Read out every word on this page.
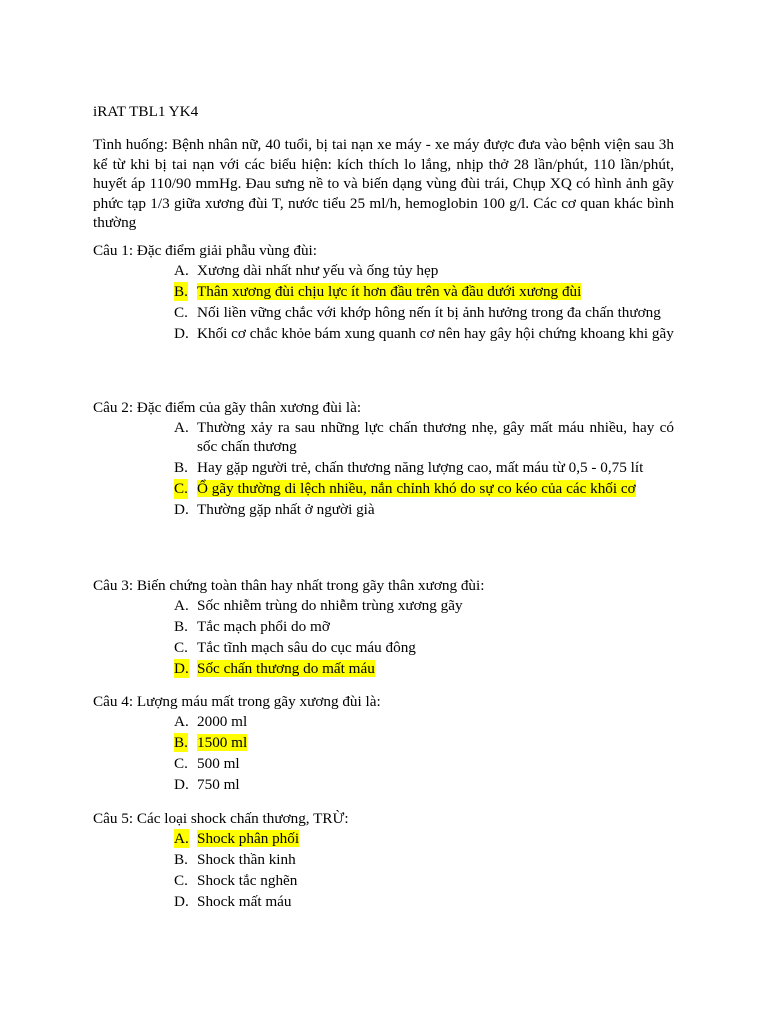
iRAT TBL1 YK4
Tình huống: Bệnh nhân nữ, 40 tuổi, bị tai nạn xe máy - xe máy được đưa vào bệnh viện sau 3h kể từ khi bị tai nạn với các biểu hiện: kích thích lo lắng, nhịp thở 28 lần/phút, 110 lần/phút, huyết áp 110/90 mmHg. Đau sưng nề to và biến dạng vùng đùi trái, Chụp XQ có hình ảnh gãy phức tạp 1/3 giữa xương đùi T, nước tiểu 25 ml/h, hemoglobin 100 g/l. Các cơ quan khác bình thường

Câu 1: Đặc điểm giải phẫu vùng đùi:

A. Xương dài nhất như yếu và ống tủy hẹp
B. Thân xương đùi chịu lực ít hơn đầu trên và đầu dưới xương đùi
C. Nối liền vững chắc với khớp hông nến ít bị ảnh hưởng trong đa chấn thương
D. Khối cơ chắc khỏe bám xung quanh cơ nên hay gây hội chứng khoang khi gãy

Câu 2: Đặc điểm của gãy thân xương đùi là:

A. Thường xảy ra sau những lực chấn thương nhẹ, gây mất máu nhiều, hay có sốc chấn thương
B. Hay gặp người trẻ, chấn thương năng lượng cao, mất máu từ 0,5 - 0,75 lít
C. Ổ gãy thường di lệch nhiều, nắn chỉnh khó do sự co kéo của các khối cơ
D. Thường gặp nhất ở người già

Câu 3: Biến chứng toàn thân hay nhất trong gãy thân xương đùi:

A. Sốc nhiễm trùng do nhiễm trùng xương gãy
B. Tắc mạch phổi do mỡ
C. Tắc tĩnh mạch sâu do cục máu đông
D. Sốc chấn thương do mất máu

Câu 4: Lượng máu mất trong gãy xương đùi là:

A. 2000 ml
B. 1500 ml
C. 500 ml
D. 750 ml

Câu 5: Các loại shock chấn thương, TRỪ:

A. Shock phân phối
B. Shock thần kinh
C. Shock tắc nghẽn
D. Shock mất máu
